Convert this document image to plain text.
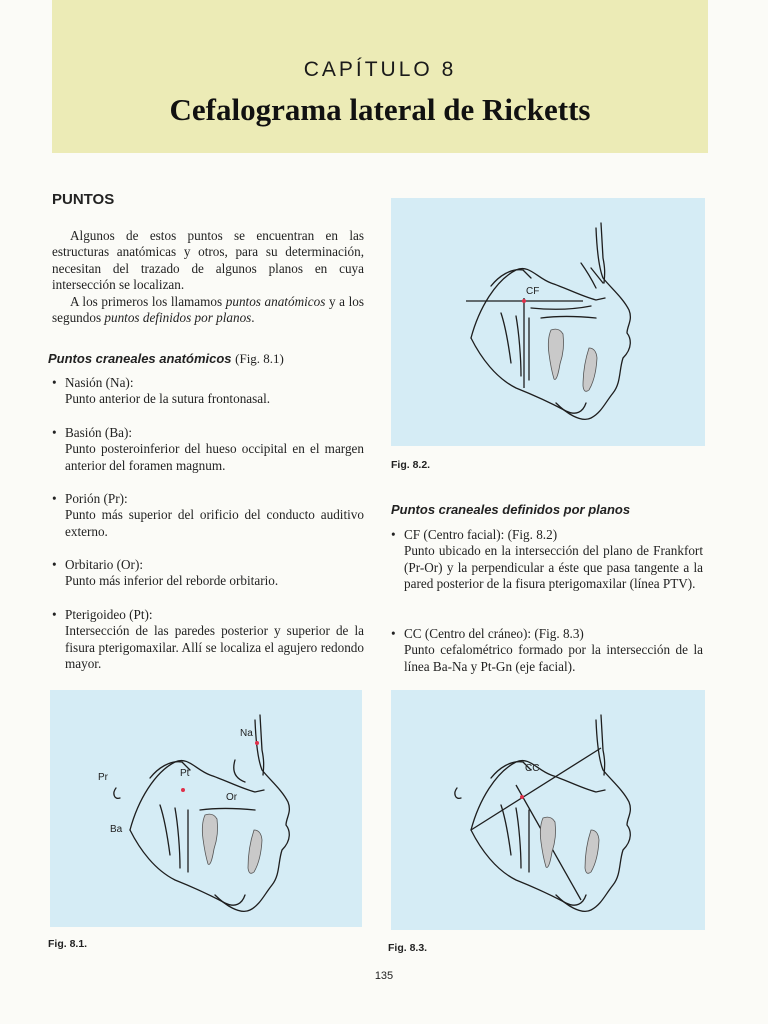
CAPÍTULO 8
Cefalograma lateral de Ricketts
PUNTOS

Algunos de estos puntos se encuentran en las estructuras anatómicas y otros, para su determinación, necesitan del trazado de algunos planos en cuya intersección se localizan.

A los primeros los llamamos puntos anatómicos y a los segundos puntos definidos por planos.

Puntos craneales anatómicos (Fig. 8.1)
• Nasión (Na):
Punto anterior de la sutura frontonasal.
• Basión (Ba):
Punto posteroinferior del hueso occipital en el margen anterior del foramen magnum.
• Porión (Pr):
Punto más superior del orificio del conducto auditivo externo.
• Orbitario (Or):
Punto más inferior del reborde orbitario.
• Pterigoideo (Pt):
Intersección de las paredes posterior y superior de la fisura pterigomaxilar. Allí se localiza el agujero redondo mayor.
CF
Fig. 8.2.
Puntos craneales definidos por planos
• CF (Centro facial): (Fig. 8.2)
Punto ubicado en la intersección del plano de Frankfort (Pr-Or) y la perpendicular a éste que pasa tangente a la pared posterior de la fisura pterigomaxilar (línea PTV).
• CC (Centro del cráneo): (Fig. 8.3)
Punto cefalométrico formado por la intersección de la línea Ba-Na y Pt-Gn (eje facial).
Na
Pr	Pt
Or
Ba
Fig. 8.1.
CC
Fig. 8.3.
135
